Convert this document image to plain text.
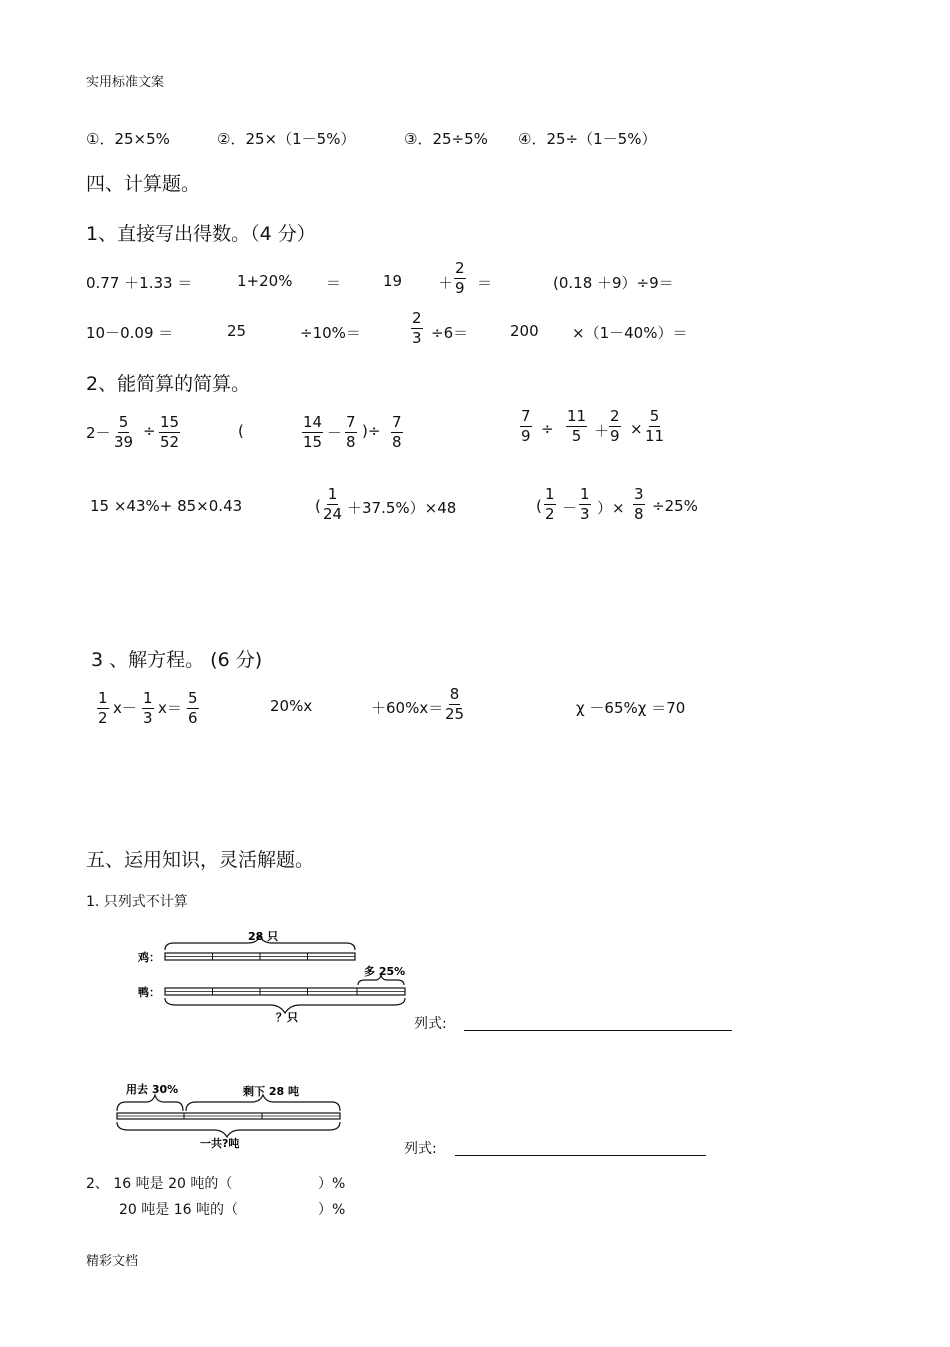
实用标准文案
①．25×5%	②．25×（1－5%）	③．25÷5% ④．25÷（1－5%）
四、计算题。
1、直接写出得数。（4 分）
0.77 ＋1.33 ＝	1+20% ＝	$19 + \frac{2}{9}$ ＝	(0.18 ＋9）÷9＝
10－0.09 ＝	25	÷10%＝	$\frac{2}{3} \div 6=$	200 ×（1－40%）＝
2、能简算的简算。
$2- \frac{5}{39} \div \frac{15}{52}$	(	$\frac{14}{15} - \frac{7}{8}$ )÷ $\frac{7}{8}$	$\frac{7}{9} \div \frac{11}{5} + \frac{2}{9} \times \frac{5}{11}$
15 ×43%+ 85×0.43	( $\frac{1}{24} +37.5\%)\times 48$	( $\frac{1}{2} - \frac{1}{3}$ ）× $\frac{3}{8} \div 25\%$
3 、解方程。 (6 分)
$\frac{1}{2} x- \frac{1}{3} x= \frac{5}{6}$	20%x	$+60\%x= \frac{8}{25}$	χ －65%χ ＝70
五、运用知识，灵活解题。
1. 只列式不计算
28 只
鸡：
鸭：
多 25%
？只	列式:
用去 30%	剩下 28 吨
一共?吨	列式:
2、 16 吨是 20 吨的（	）%
20 吨是 16 吨的（	）%
精彩文档
